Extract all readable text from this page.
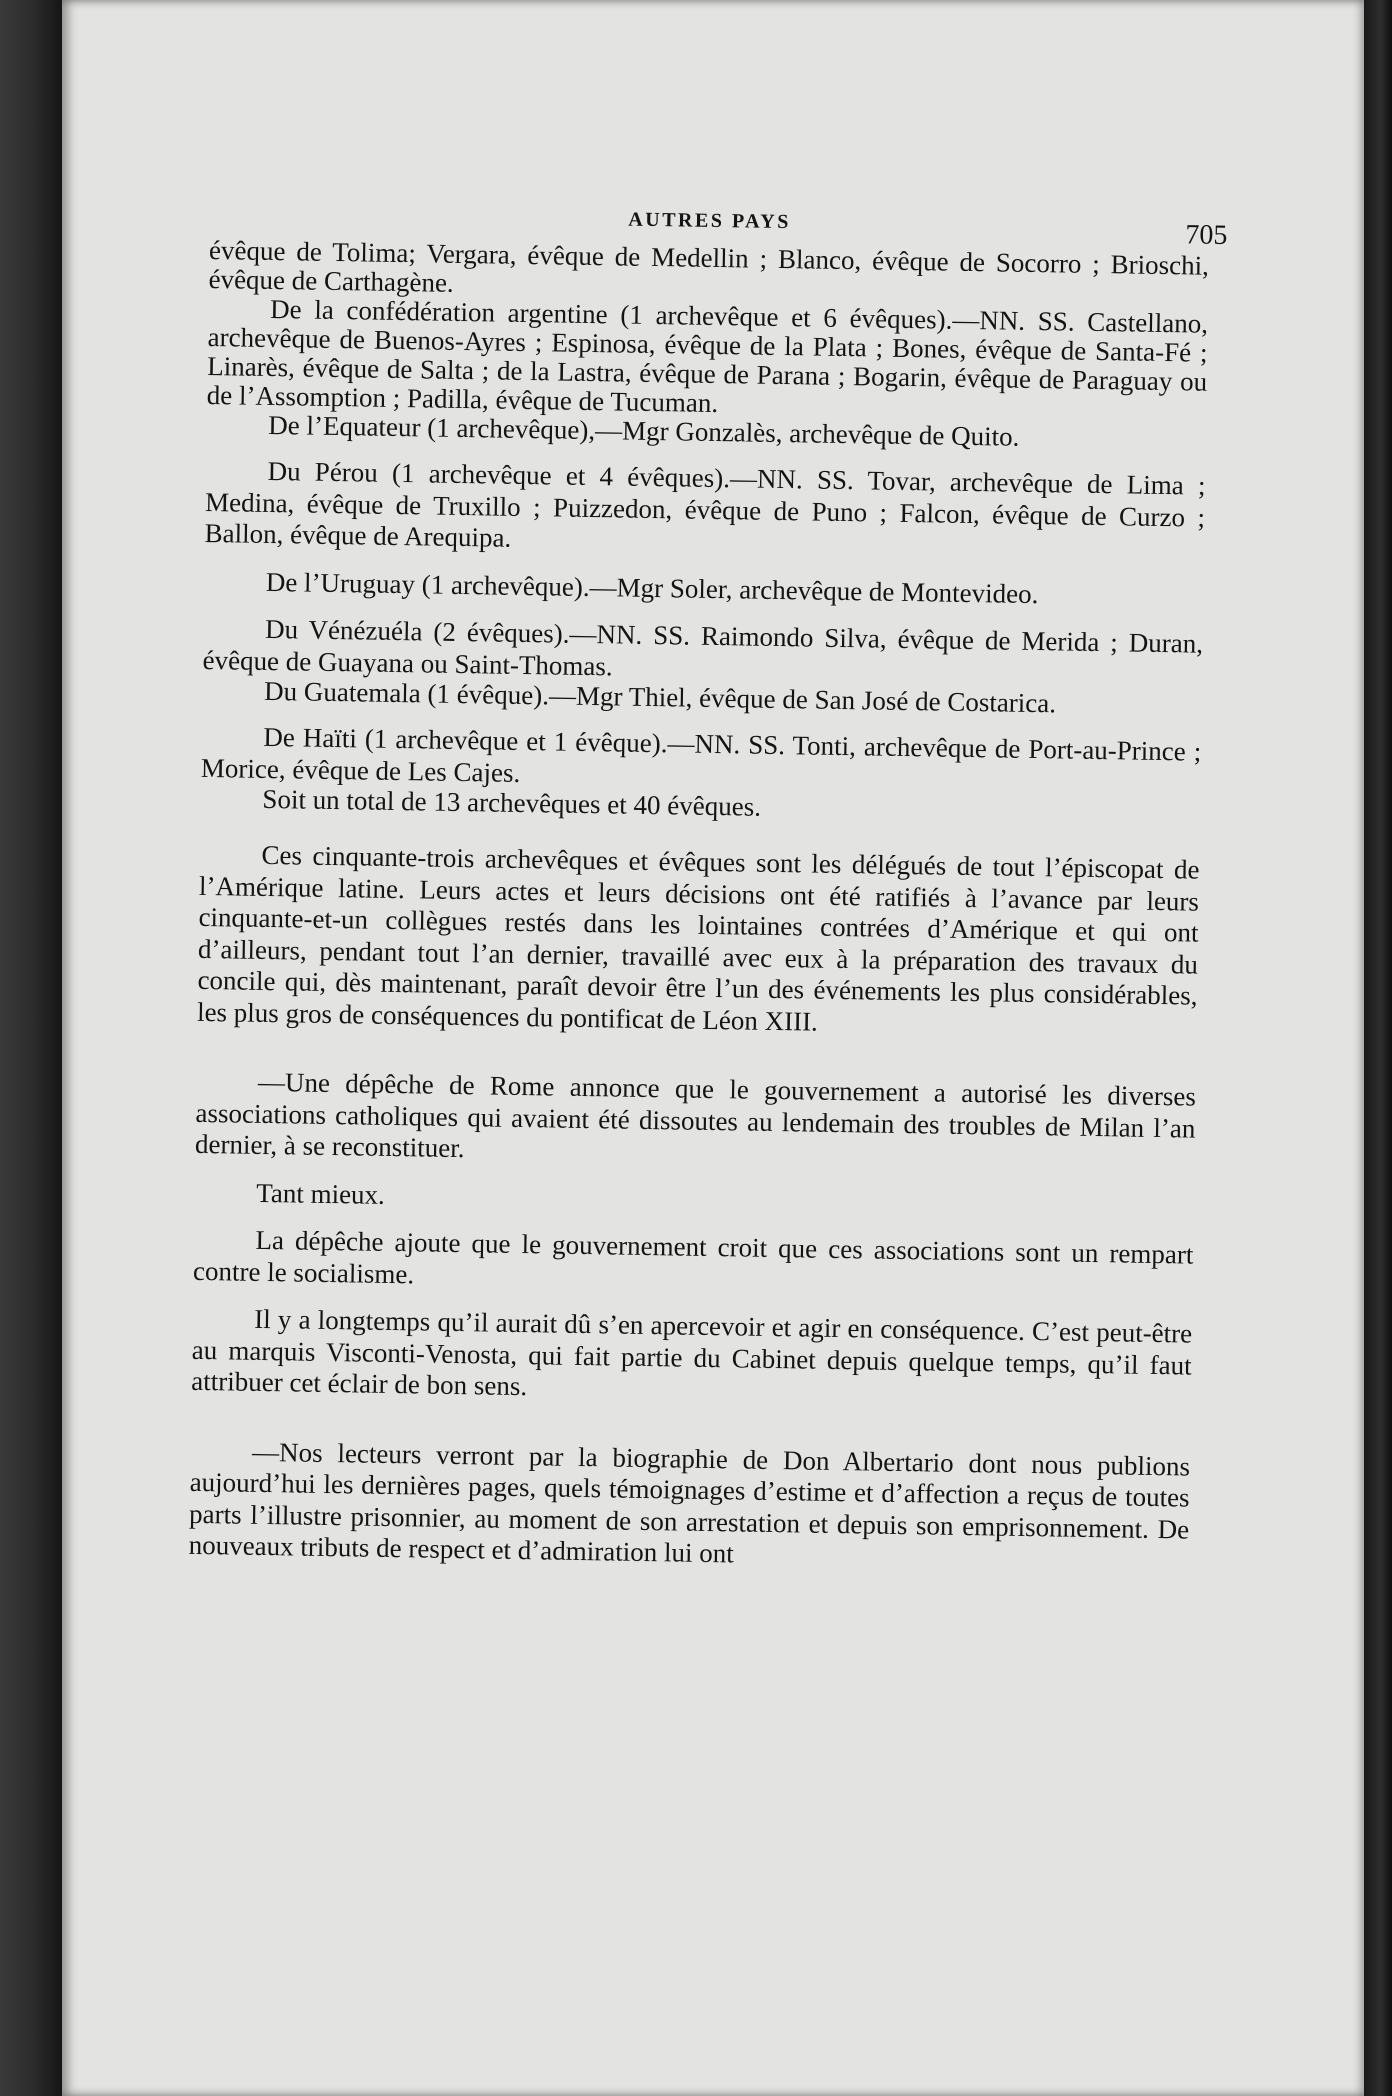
AUTRES PAYS	705

évêque de Tolima; Vergara, évêque de Medellin ; Blanco, évêque de Socorro ; Brioschi, évêque de Carthagène.

De la confédération argentine (1 archevêque et 6 évêques).—NN. SS. Castellano, archevêque de Buenos-Ayres ; Espinosa, évêque de la Plata ; Bones, évêque de Santa-Fé ; Linarès, évêque de Salta ; de la Lastra, évêque de Parana ; Bogarin, évêque de Paraguay ou de l’Assomption ; Padilla, évêque de Tucuman.

De l’Equateur (1 archevêque),—Mgr Gonzalès, archevêque de Quito.

Du Pérou (1 archevêque et 4 évêques).—NN. SS. Tovar, archevêque de Lima ; Medina, évêque de Truxillo ; Puizzedon, évêque de Puno ; Falcon, évêque de Curzo ; Ballon, évêque de Arequipa.

De l’Uruguay (1 archevêque).—Mgr Soler, archevêque de Montevideo.

Du Vénézuéla (2 évêques).—NN. SS. Raimondo Silva, évêque de Merida ; Duran, évêque de Guayana ou Saint-Thomas.

Du Guatemala (1 évêque).—Mgr Thiel, évêque de San José de Costarica.

De Haïti (1 archevêque et 1 évêque).—NN. SS. Tonti, archevêque de Port-au-Prince ; Morice, évêque de Les Cajes.

Soit un total de 13 archevêques et 40 évêques.

Ces cinquante-trois archevêques et évêques sont les délégués de tout l’épiscopat de l’Amérique latine. Leurs actes et leurs décisions ont été ratifiés à l’avance par leurs cinquante-et-un collègues restés dans les lointaines contrées d’Amérique et qui ont d’ailleurs, pendant tout l’an dernier, travaillé avec eux à la préparation des travaux du concile qui, dès maintenant, paraît devoir être l’un des événements les plus considérables, les plus gros de conséquences du pontificat de Léon XIII.

—Une dépêche de Rome annonce que le gouvernement a autorisé les diverses associations catholiques qui avaient été dissoutes au lendemain des troubles de Milan l’an dernier, à se reconstituer.

Tant mieux.

La dépêche ajoute que le gouvernement croit que ces associations sont un rempart contre le socialisme.

Il y a longtemps qu’il aurait dû s’en apercevoir et agir en conséquence. C’est peut-être au marquis Visconti-Venosta, qui fait partie du Cabinet depuis quelque temps, qu’il faut attribuer cet éclair de bon sens.

—Nos lecteurs verront par la biographie de Don Albertario dont nous publions aujourd’hui les dernières pages, quels témoignages d’estime et d’affection a reçus de toutes parts l’illustre prisonnier, au moment de son arrestation et depuis son emprisonnement. De nouveaux tributs de respect et d’admiration lui ont
